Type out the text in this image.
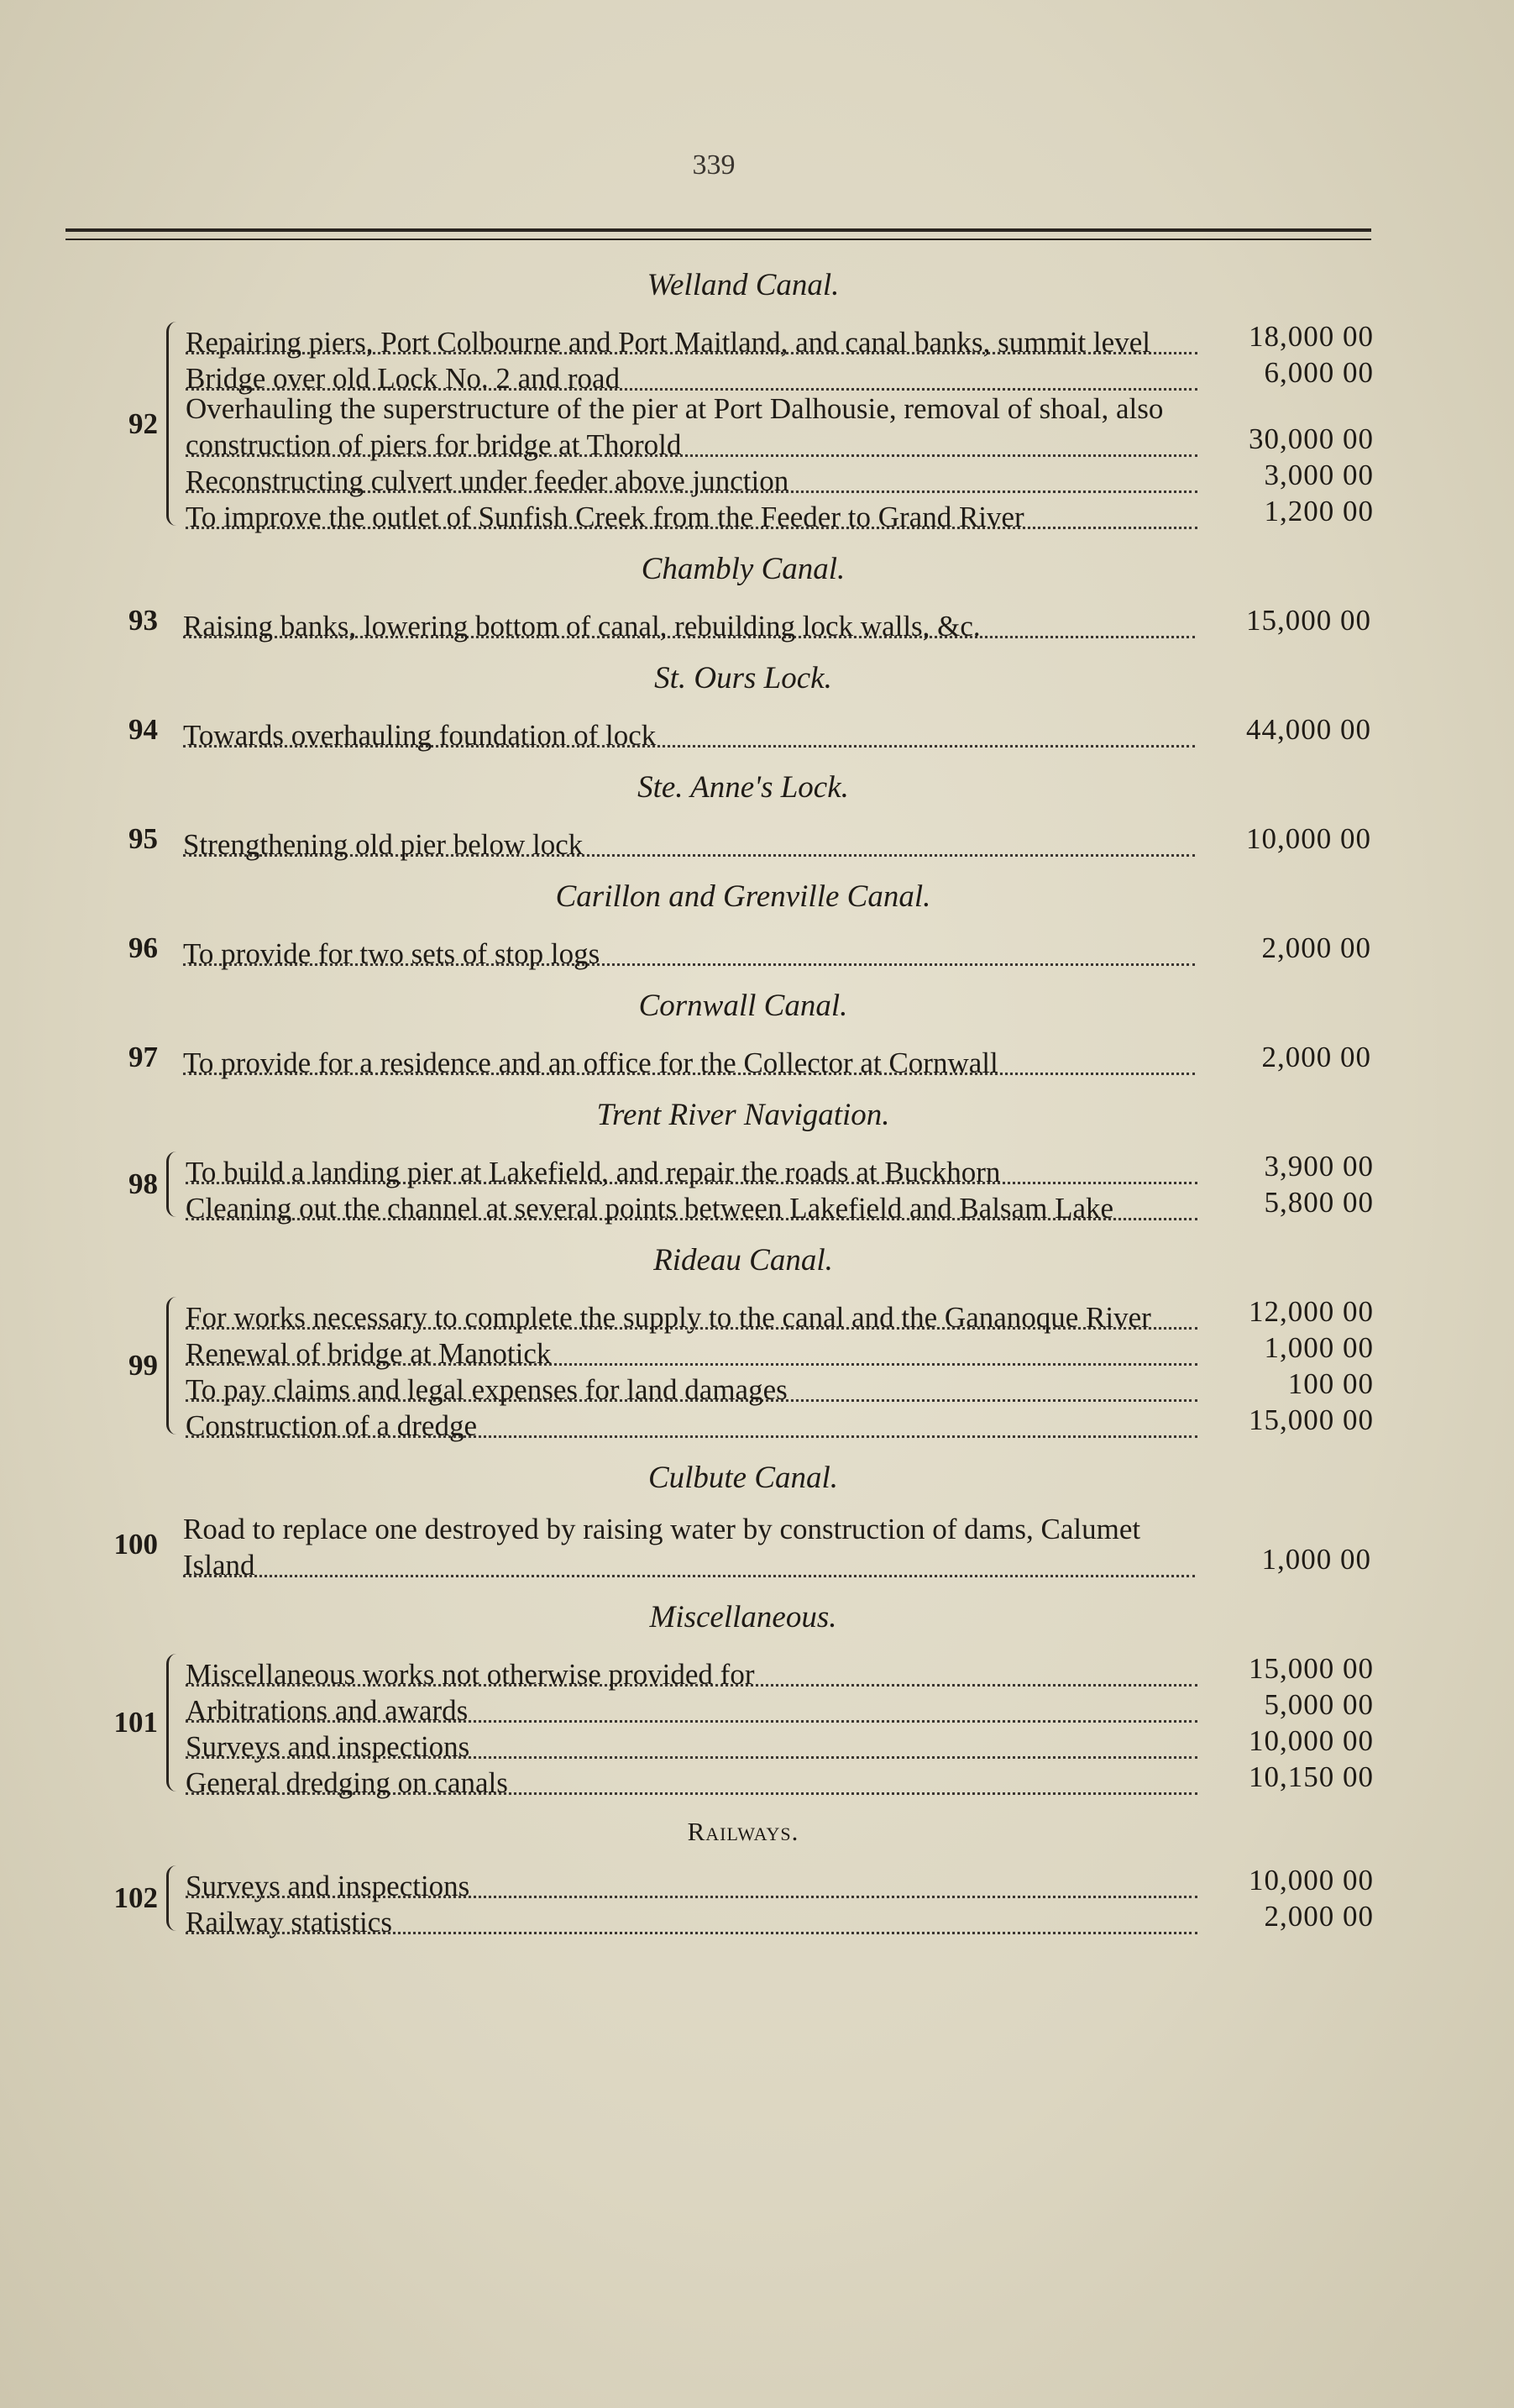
339
Welland Canal.
92
Repairing piers, Port Colbourne and Port Maitland, and canal banks, summit level	18,000 00
Bridge over old Lock No. 2 and road	6,000 00
Overhauling the superstructure of the pier at Port Dalhousie, removal of shoal, also construction of piers for bridge at Thorold	30,000 00
Reconstructing culvert under feeder above junction	3,000 00
To improve the outlet of Sunfish Creek from the Feeder to Grand River	1,200 00
Chambly Canal.
93 Raising banks, lowering bottom of canal, rebuilding lock walls, &c.	15,000 00
St. Ours Lock.
94 Towards overhauling foundation of lock	44,000 00
Ste. Anne's Lock.
95 Strengthening old pier below lock	10,000 00
Carillon and Grenville Canal.
96 To provide for two sets of stop logs	2,000 00
Cornwall Canal.
97 To provide for a residence and an office for the Collector at Cornwall	2,000 00
Trent River Navigation.
98 To build a landing pier at Lakefield, and repair the roads at Buckhorn	3,900 00
Cleaning out the channel at several points between Lakefield and Balsam Lake	5,800 00
Rideau Canal.
99
For works necessary to complete the supply to the canal and the Gananoque River	12,000 00
Renewal of bridge at Manotick	1,000 00
To pay claims and legal expenses for land damages	100 00
Construction of a dredge	15,000 00
Culbute Canal.
100 Road to replace one destroyed by raising water by construction of dams, Calumet Island	1,000 00
Miscellaneous.
101
Miscellaneous works not otherwise provided for	15,000 00
Arbitrations and awards	5,000 00
Surveys and inspections	10,000 00
General dredging on canals	10,150 00
Railways.
102 Surveys and inspections	10,000 00
Railway statistics	2,000 00
